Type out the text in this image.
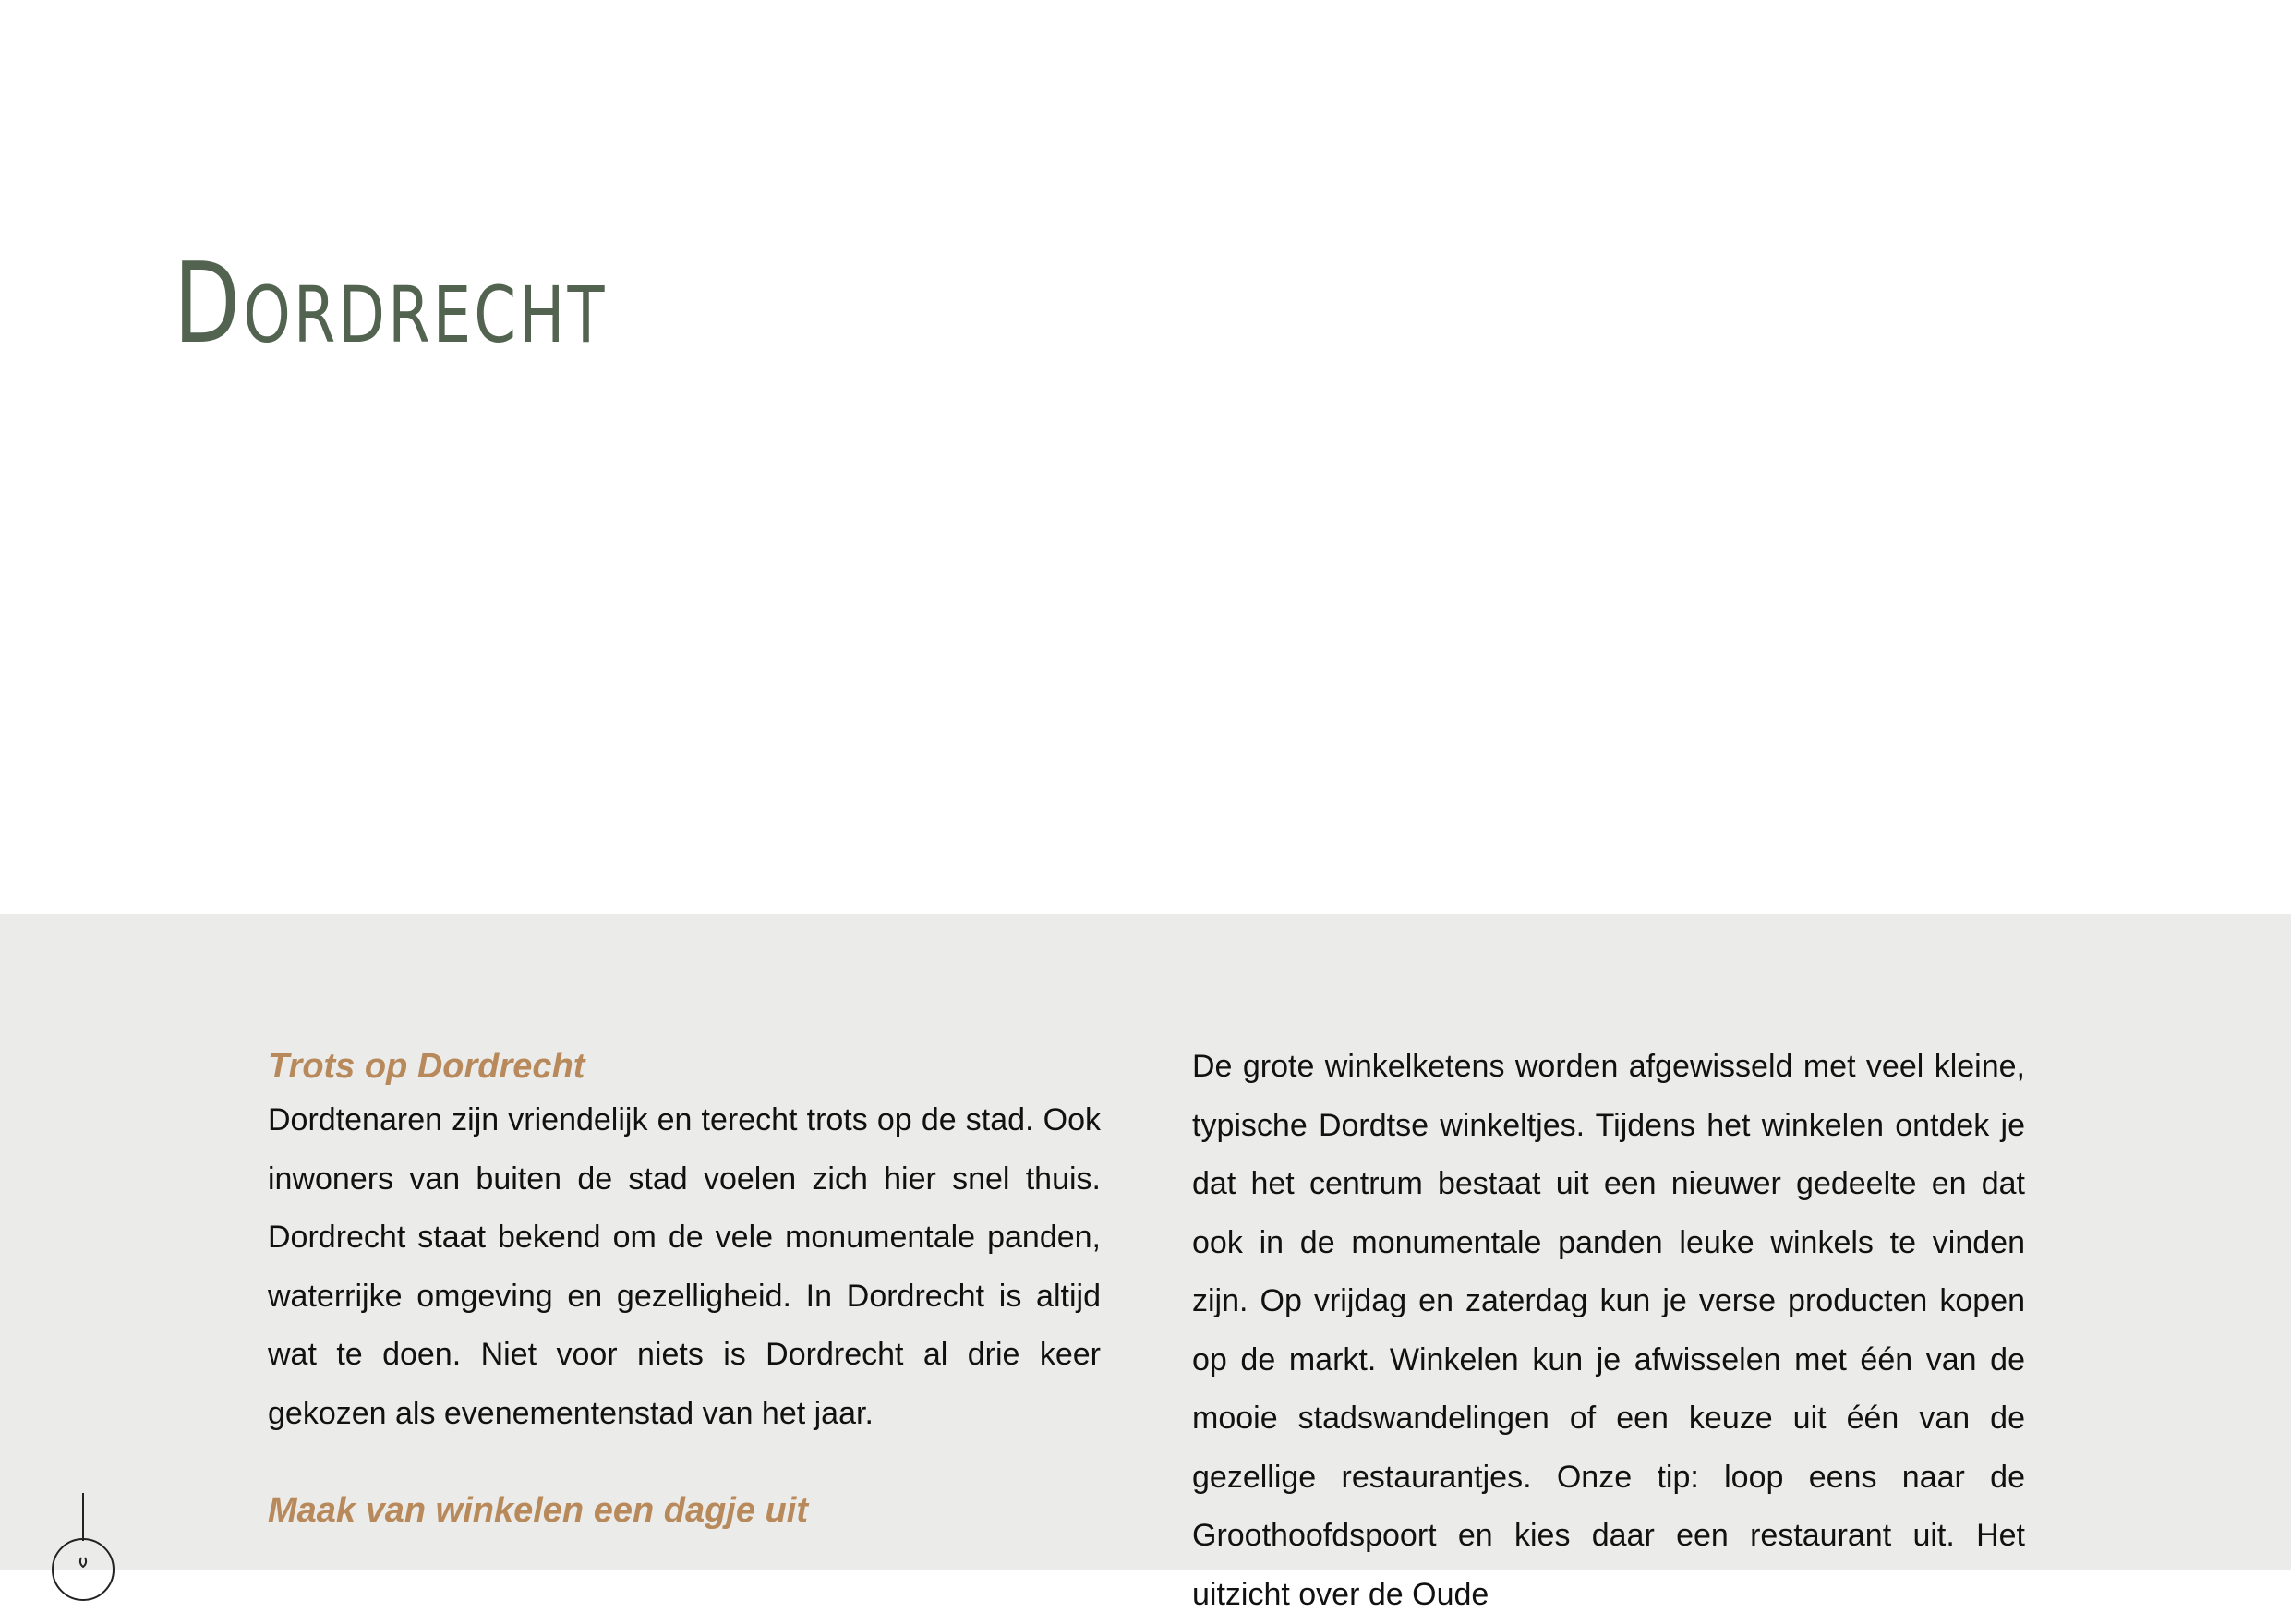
Dordrecht
Trots op Dordrecht

Dordtenaren zijn vriendelijk en terecht trots op de stad. Ook inwoners van buiten de stad voelen zich hier snel thuis. Dordrecht staat bekend om de vele monumentale panden, waterrijke omgeving en gezelligheid. In Dordrecht is altijd wat te doen. Niet voor niets is Dordrecht al drie keer gekozen als evenementenstad van het jaar.

Maak van winkelen een dagje uit

De grote winkelketens worden afgewisseld met veel kleine, typische Dordtse winkeltjes. Tijdens het winkelen ontdek je dat het centrum bestaat uit een nieuwer gedeelte en dat ook in de monumentale panden leuke winkels te vinden zijn. Op vrijdag en zaterdag kun je verse producten kopen op de markt. Winkelen kun je afwisselen met één van de mooie stadswandelingen of een keuze uit één van de gezellige restaurantjes. Onze tip: loop eens naar de Groothoofdspoort en kies daar een restaurant uit. Het uitzicht over de Oude
